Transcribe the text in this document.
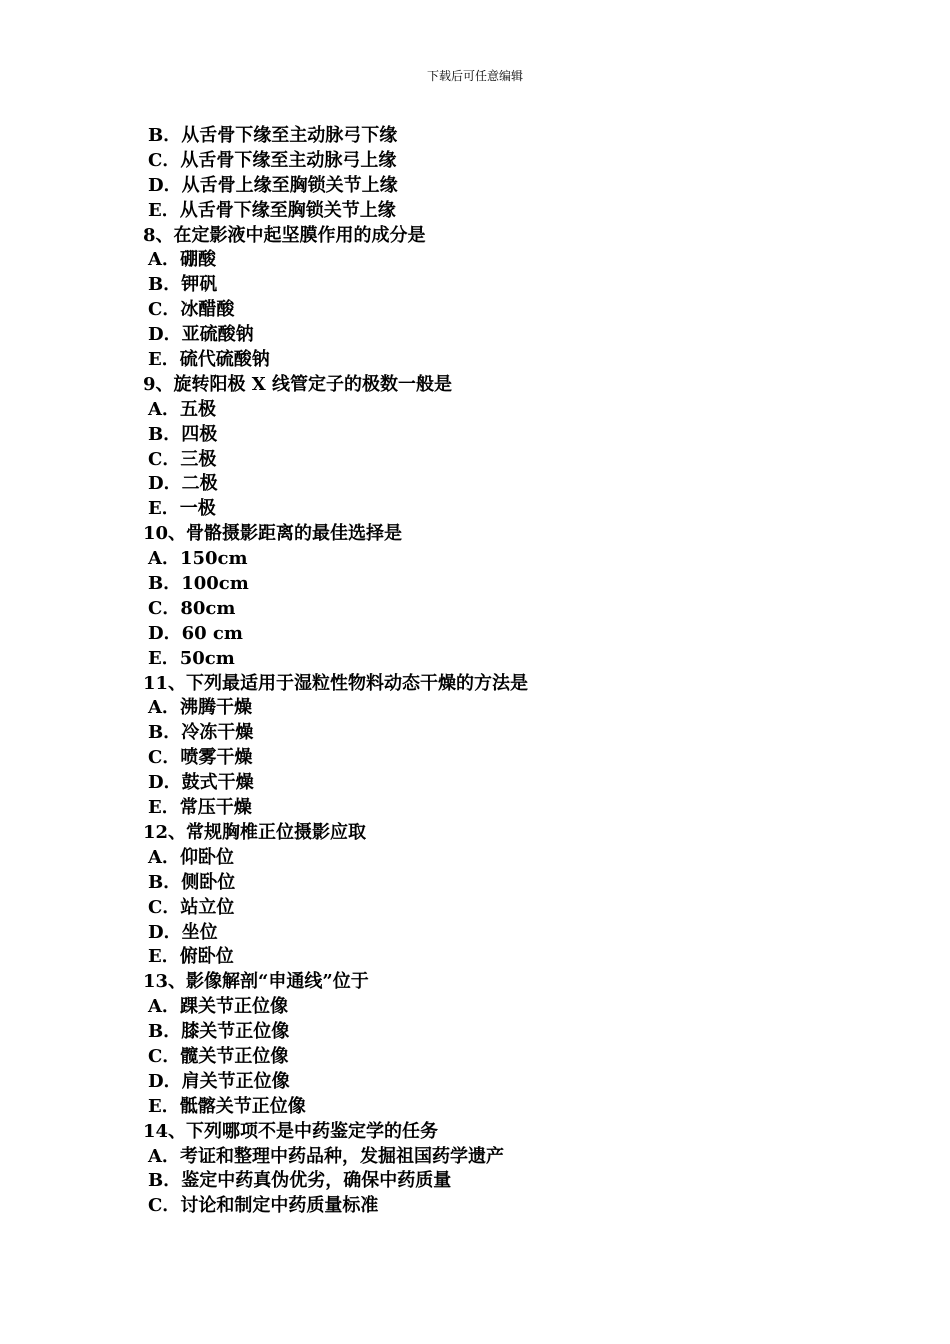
下载后可任意编辑
B．从舌骨下缘至主动脉弓下缘
C．从舌骨下缘至主动脉弓上缘
D．从舌骨上缘至胸锁关节上缘
E．从舌骨下缘至胸锁关节上缘
8、在定影液中起坚膜作用的成分是
A．硼酸
B．钾矾
C．冰醋酸
D．亚硫酸钠
E．硫代硫酸钠
9、旋转阳极 X 线管定子的极数一般是
A．五极
B．四极
C．三极
D．二极
E．一极
10、骨骼摄影距离的最佳选择是
A．150cm
B．100cm
C．80cm
D．60 cm
E．50cm
11、下列最适用于湿粒性物料动态干燥的方法是
A．沸腾干燥
B．冷冻干燥
C．喷雾干燥
D．鼓式干燥
E．常压干燥
12、常规胸椎正位摄影应取
A．仰卧位
B．侧卧位
C．站立位
D．坐位
E．俯卧位
13、影像解剖“申通线”位于
A．踝关节正位像
B．膝关节正位像
C．髋关节正位像
D．肩关节正位像
E．骶髂关节正位像
14、下列哪项不是中药鉴定学的任务
A．考证和整理中药品种，发掘祖国药学遗产
B．鉴定中药真伪优劣，确保中药质量
C．讨论和制定中药质量标准
